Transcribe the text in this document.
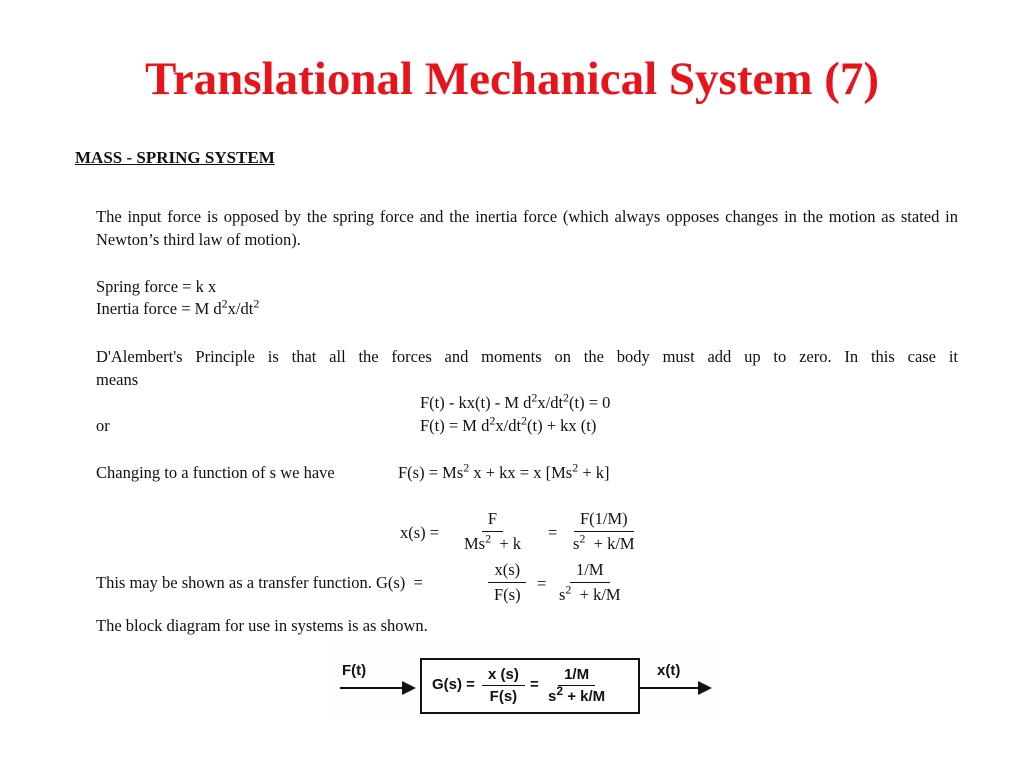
Translational Mechanical System (7)
MASS - SPRING SYSTEM
The input force is opposed by the spring force and the inertia force (which always opposes changes in the motion as stated in Newton’s third law of motion).
Spring force = k x
Inertia force = M $d^2x/dt^2$
D'Alembert's Principle is that all the forces and moments on the body must add up to zero. In this case it
means
F(t) - kx(t) - M $d^2x/dt^2(t) = 0$
or	F(t) = M $d^2x/dt^2(t)$ + kx (t)
Changing to a function of s we have	$F(s) = Ms^2$ x + kx = x $[Ms^2 + k]$
$x(s) = \frac{F}{Ms^2 + k} = \frac{F(1/M)}{s^2 + k/M}$
This may be shown as a transfer function. G(s)  =	$\frac{x(s)}{F(s)} = \frac{1/M}{s^2 + k/M}$
The block diagram for use in systems is as shown.
F(t)
$G(s) = \frac{x (s)}{F(s)} = \frac{1/M}{s^2 + k/M}$	x(t)
